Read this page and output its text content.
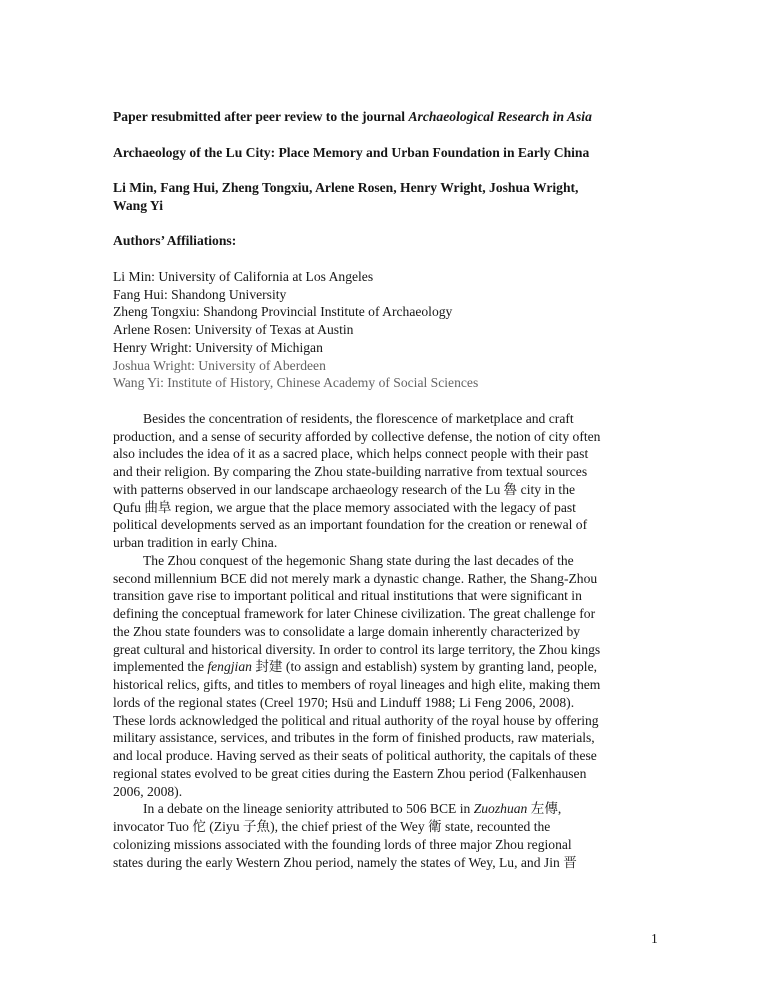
Paper resubmitted after peer review to the journal Archaeological Research in Asia
Archaeology of the Lu City: Place Memory and Urban Foundation in Early China
Li Min, Fang Hui, Zheng Tongxiu, Arlene Rosen, Henry Wright, Joshua Wright,
Wang Yi
Authors’ Affiliations:
Li Min: University of California at Los Angeles
Fang Hui: Shandong University
Zheng Tongxiu: Shandong Provincial Institute of Archaeology
Arlene Rosen: University of Texas at Austin
Henry Wright: University of Michigan
Joshua Wright: University of Aberdeen
Wang Yi: Institute of History, Chinese Academy of Social Sciences
Besides the concentration of residents, the florescence of marketplace and craft
production, and a sense of security afforded by collective defense, the notion of city often
also includes the idea of it as a sacred place, which helps connect people with their past
and their religion. By comparing the Zhou state-building narrative from textual sources
with patterns observed in our landscape archaeology research of the Lu 魯 city in the
Qufu 曲阜 region, we argue that the place memory associated with the legacy of past
political developments served as an important foundation for the creation or renewal of
urban tradition in early China.
The Zhou conquest of the hegemonic Shang state during the last decades of the
second millennium BCE did not merely mark a dynastic change. Rather, the Shang-Zhou
transition gave rise to important political and ritual institutions that were significant in
defining the conceptual framework for later Chinese civilization. The great challenge for
the Zhou state founders was to consolidate a large domain inherently characterized by
great cultural and historical diversity. In order to control its large territory, the Zhou kings
implemented the fengjian 封建 (to assign and establish) system by granting land, people,
historical relics, gifts, and titles to members of royal lineages and high elite, making them
lords of the regional states (Creel 1970; Hsü and Linduff 1988; Li Feng 2006, 2008).
These lords acknowledged the political and ritual authority of the royal house by offering
military assistance, services, and tributes in the form of finished products, raw materials,
and local produce. Having served as their seats of political authority, the capitals of these
regional states evolved to be great cities during the Eastern Zhou period (Falkenhausen
2006, 2008).
In a debate on the lineage seniority attributed to 506 BCE in Zuozhuan 左傳,
invocator Tuo 佗 (Ziyu 子魚), the chief priest of the Wey 衛 state, recounted the
colonizing missions associated with the founding lords of three major Zhou regional
states during the early Western Zhou period, namely the states of Wey, Lu, and Jin 晋
1
